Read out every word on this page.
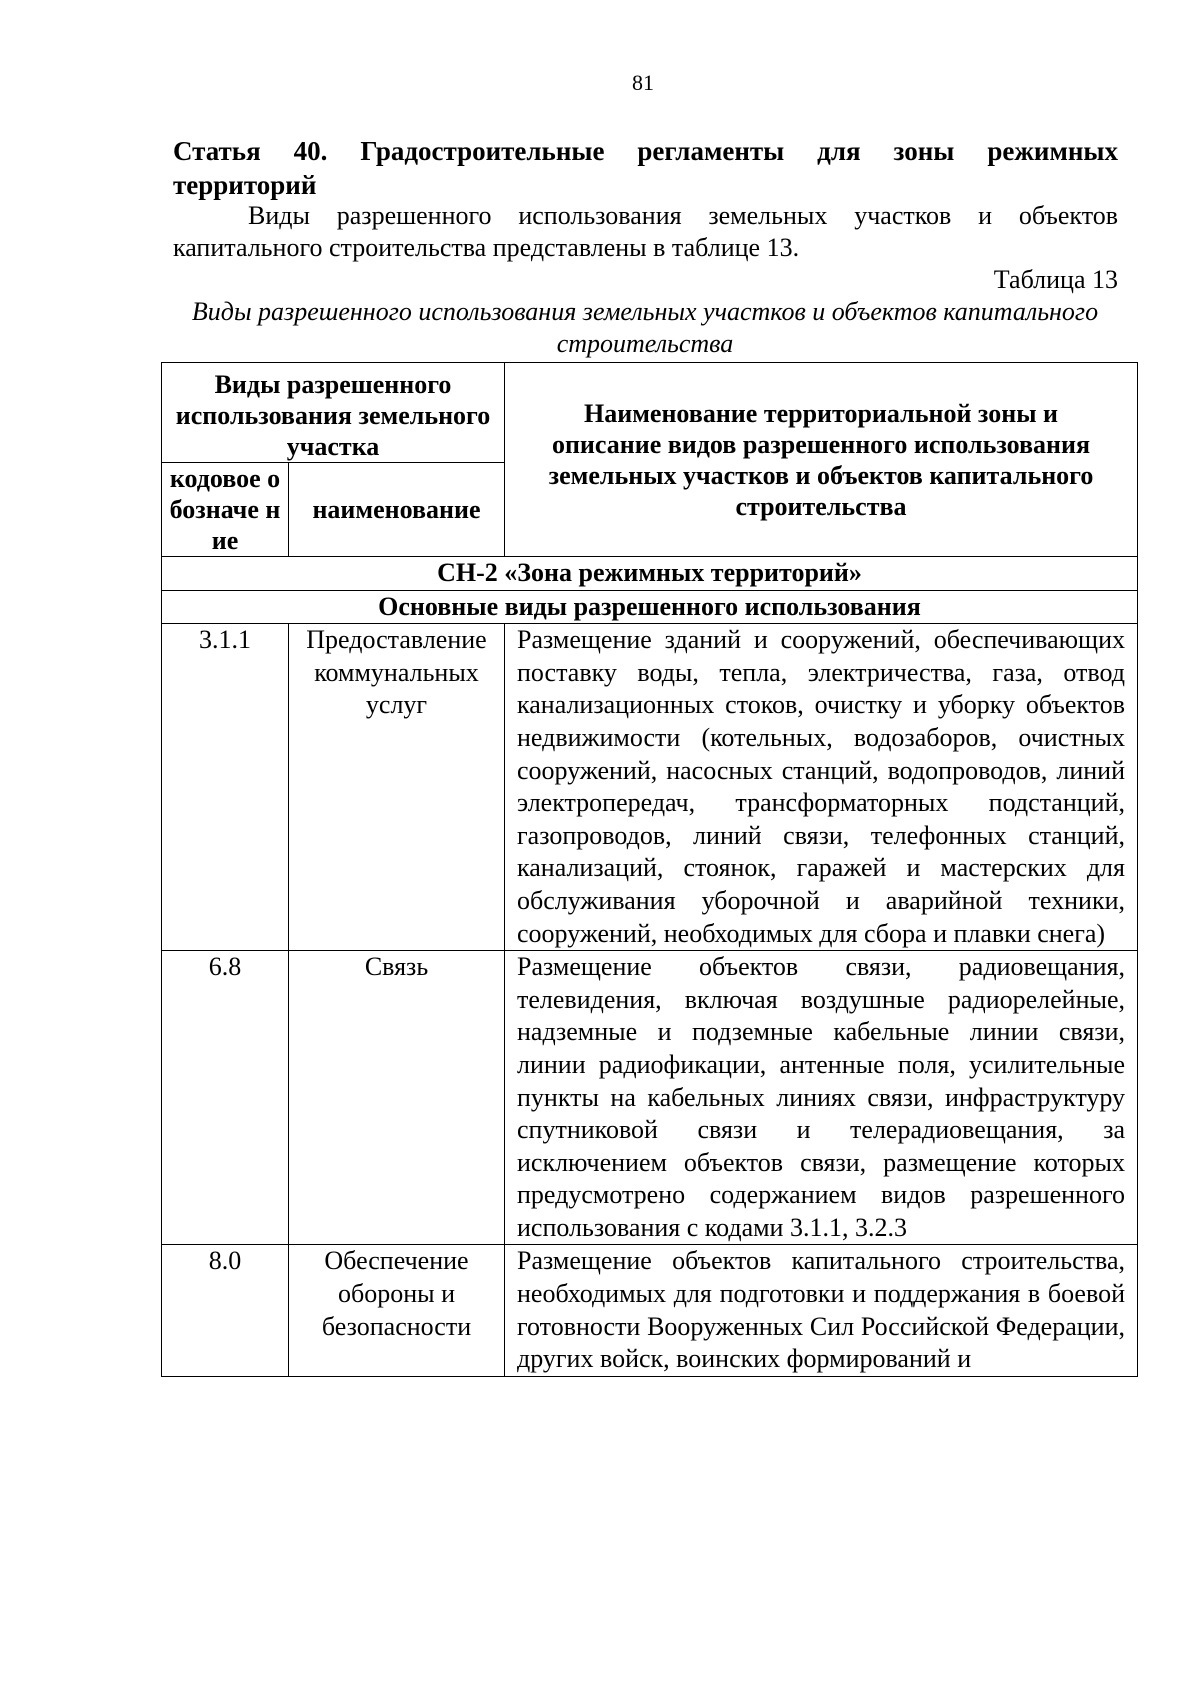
81

Статья 40. Градостроительные регламенты для зоны режимных

территорий

Виды разрешенного использования земельных участков и объектов капитального строительства представлены в таблице 13.

Таблица 13

Виды разрешенного использования земельных участков и объектов капитального строительства

Виды разрешенного использования земельного участка		Наименование территориальной зоны и описание видов разрешенного использования земельных участков и объектов капитального строительства
кодовое обозначе ние	наименование	
СН-2 «Зона режимных территорий»		
Основные виды разрешенного использования		
3.1.1	Предоставление коммунальных услуг	Размещение зданий и сооружений, обеспечивающих поставку воды, тепла, электричества, газа, отвод канализационных стоков, очистку и уборку объектов недвижимости (котельных, водозаборов, очистных сооружений, насосных станций, водопроводов, линий электропередач, трансформаторных подстанций, газопроводов, линий связи, телефонных станций, канализаций, стоянок, гаражей и мастерских для обслуживания уборочной и аварийной техники, сооружений, необходимых для сбора и плавки снега)
6.8	Связь	Размещение объектов связи, радиовещания, телевидения, включая воздушные радиорелейные, надземные и подземные кабельные линии связи, линии радиофикации, антенные поля, усилительные пункты на кабельных линиях связи, инфраструктуру спутниковой связи и телерадиовещания, за исключением объектов связи, размещение которых предусмотрено содержанием видов разрешенного использования с кодами 3.1.1, 3.2.3
8.0	Обеспечение обороны и безопасности	Размещение объектов капитального строительства, необходимых для подготовки и поддержания в боевой готовности Вооруженных Сил Российской Федерации, других войск, воинских формирований и
